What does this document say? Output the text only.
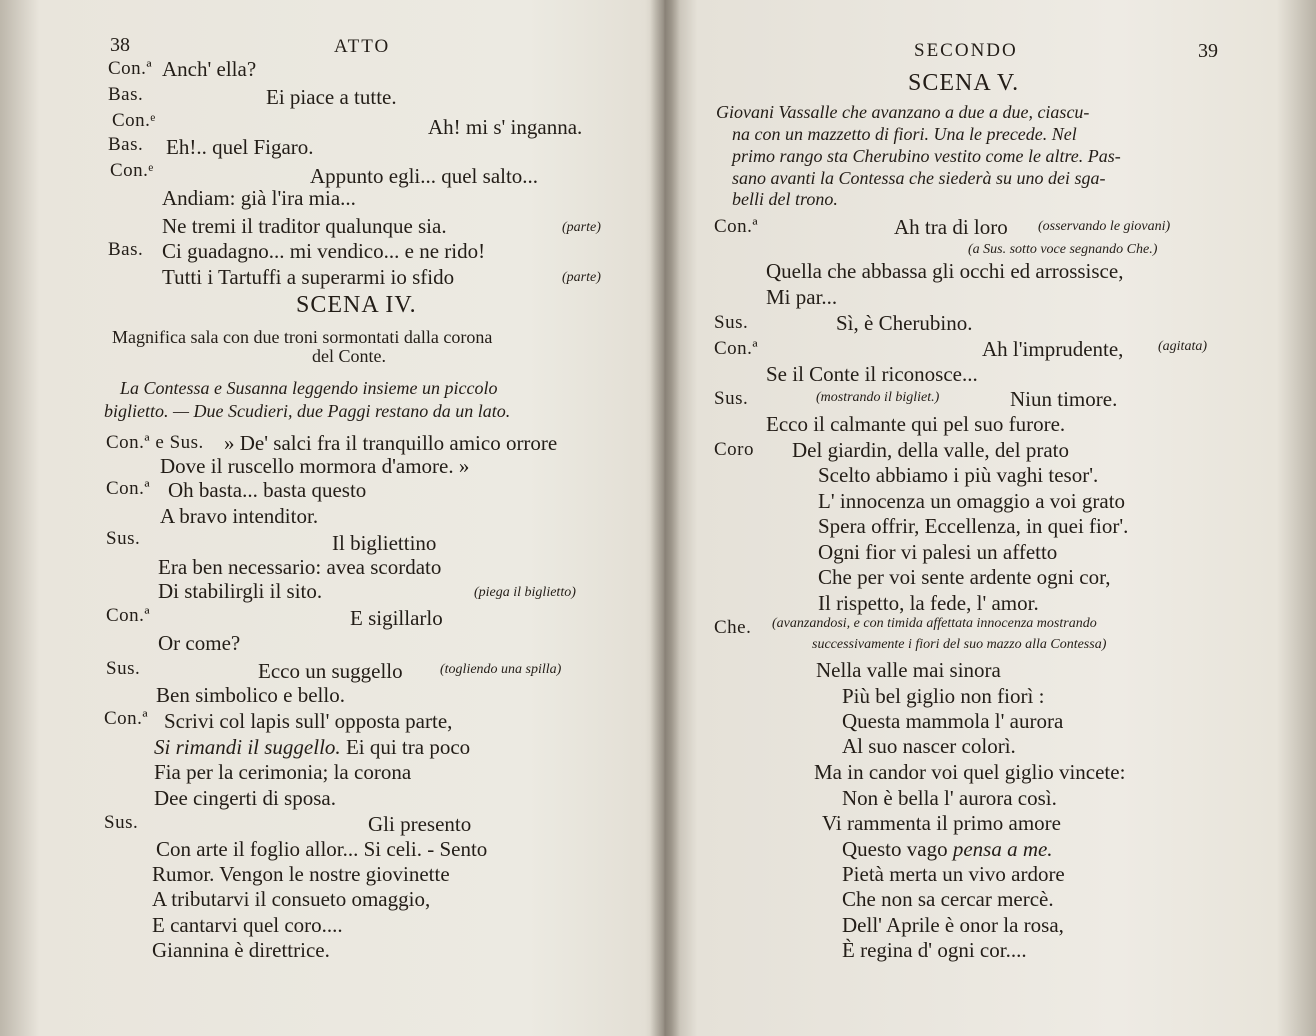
38	ATTO
Con.ª Anch' ella?
Bas.	Ei piace a tutte.
Con.ᵉ	Ah! mi s' inganna.
Bas. Eh!.. quel Figaro.
Con.ᵉ	Appunto egli... quel salto...
Andiam: già l'ira mia...
Ne tremi il traditor qualunque sia.	(parte)
Bas. Ci guadagno... mi vendico... e ne rido!
Tutti i Tartuffi a superarmi io sfido	(parte)
SCENA IV.
Magnifica sala con due troni sormontati dalla corona
del Conte.
La Contessa e Susanna leggendo insieme un piccolo
biglietto. — Due Scudieri, due Paggi restano da un lato.
Con.ª e Sus. » De' salci fra il tranquillo amico orrore
Dove il ruscello mormora d'amore. »
Con.ª Oh basta... basta questo
A bravo intenditor.
Sus.	Il bigliettino
Era ben necessario: avea scordato
Di stabilirgli il sito.	(piega il biglietto)
Con.ª	E sigillarlo
Or come?
Sus.	Ecco un suggello	(togliendo una spilla)
Ben simbolico e bello.
Con.ª Scrivi col lapis sull' opposta parte,
Si rimandi il suggello. Ei qui tra poco
Fia per la cerimonia; la corona
Dee cingerti di sposa.
Sus.	Gli presento
Con arte il foglio allor... Si celi. - Sento
Rumor. Vengon le nostre giovinette
A tributarvi il consueto omaggio,
E cantarvi quel coro....
Giannina è direttrice.
SECONDO	39
SCENA V.
Giovani Vassalle che avanzano a due a due, ciascu-
na con un mazzetto di fiori. Una le precede. Nel
primo rango sta Cherubino vestito come le altre. Pas-
sano avanti la Contessa che siederà su uno dei sga-
belli del trono.
Con.ª	Ah tra di loro (osservando le giovani)
(a Sus. sotto voce segnando Che.)
Quella che abbassa gli occhi ed arrossisce,
Mi par...
Sus.	Sì, è Cherubino.
Con.ª	Ah l'imprudente, (agitata)
Se il Conte il riconosce...
Sus.	(mostrando il bigliet.)	Niun timore.
Ecco il calmante qui pel suo furore.
Coro Del giardin, della valle, del prato
Scelto abbiamo i più vaghi tesor'.
L' innocenza un omaggio a voi grato
Spera offrir, Eccellenza, in quei fior'.
Ogni fior vi palesi un affetto
Che per voi sente ardente ogni cor,
Il rispetto, la fede, l' amor.
Che. (avanzandosi, e con timida affettata innocenza mostrando
successivamente i fiori del suo mazzo alla Contessa)
Nella valle mai sinora
Più bel giglio non fiorì :
Questa mammola l' aurora
Al suo nascer colorì.
Ma in candor voi quel giglio vincete:
Non è bella l' aurora così.
Vi rammenta il primo amore
Questo vago pensa a me.
Pietà merta un vivo ardore
Che non sa cercar mercè.
Dell' Aprile è onor la rosa,
È regina d' ogni cor....
